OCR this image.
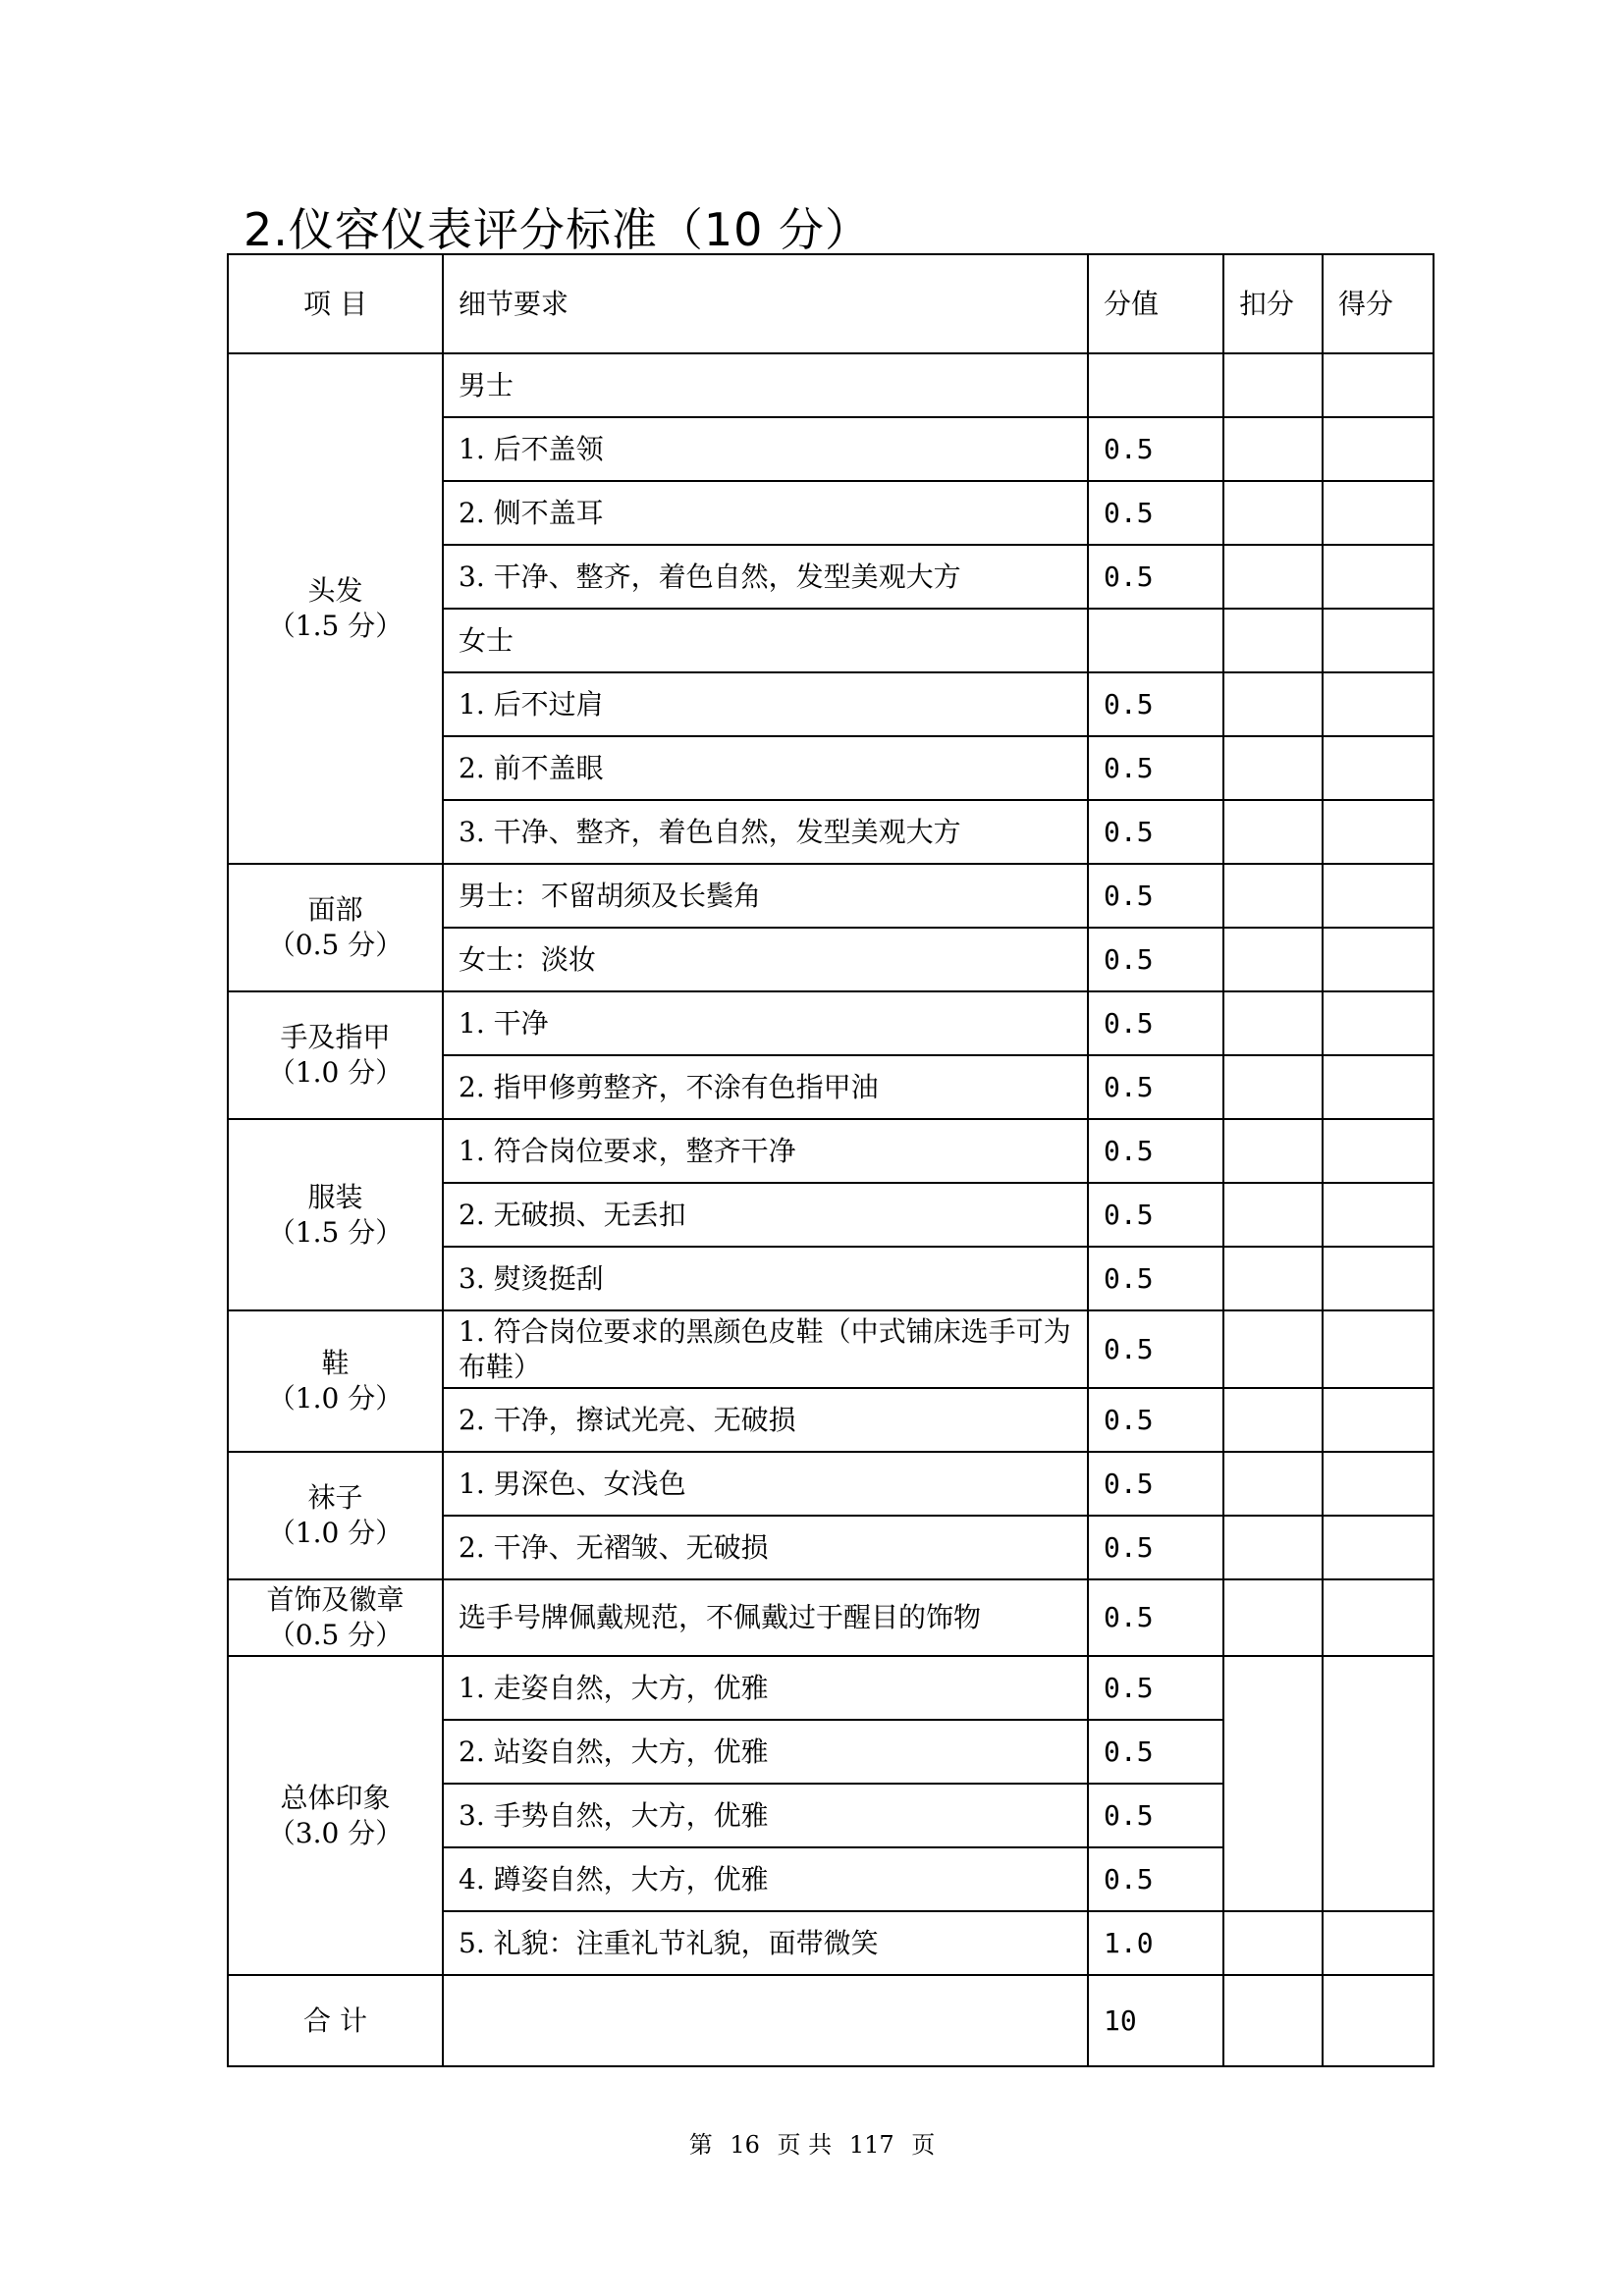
2.仪容仪表评分标准（10 分）
项 目	细节要求	分值	扣分	得分

头发
（1.5 分）	男士			
	1. 后不盖领	0.5		
	2. 侧不盖耳	0.5		
	3. 干净、整齐，着色自然，发型美观大方	0.5		
	女士			
	1. 后不过肩	0.5		
	2. 前不盖眼	0.5		
	3. 干净、整齐，着色自然，发型美观大方	0.5		

面部
（0.5 分）	男士：不留胡须及长鬓角	0.5		
	女士：淡妆	0.5		

手及指甲
（1.0 分）	1. 干净	0.5		
	2. 指甲修剪整齐，不涂有色指甲油	0.5		

服装
（1.5 分）	1. 符合岗位要求，整齐干净	0.5		
	2. 无破损、无丢扣	0.5		
	3. 熨烫挺刮	0.5		

鞋
（1.0 分）	1. 符合岗位要求的黑颜色皮鞋（中式铺床选手可为布鞋）	0.5		
	2. 干净，擦试光亮、无破损	0.5		

袜子
（1.0 分）	1. 男深色、女浅色	0.5		
	2. 干净、无褶皱、无破损	0.5		

首饰及徽章
（0.5 分）	选手号牌佩戴规范，不佩戴过于醒目的饰物	0.5		

总体印象
（3.0 分）	1. 走姿自然，大方，优雅	0.5		
	2. 站姿自然，大方，优雅	0.5		
	3. 手势自然，大方，优雅	0.5		
	4. 蹲姿自然，大方，优雅	0.5		
	5. 礼貌：注重礼节礼貌，面带微笑	1.0		
合 计		10		
第 16 页 共 117 页
